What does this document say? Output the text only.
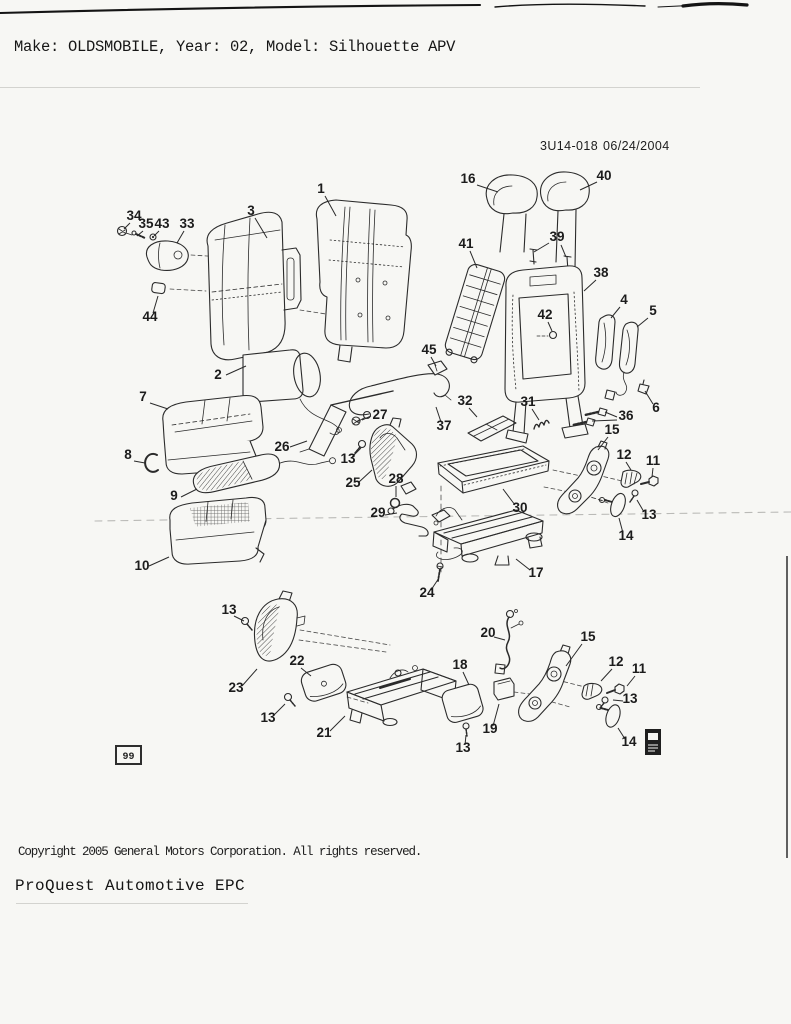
Make: OLDSMOBILE, Year: 02, Model: Silhouette APV
3U14-018 06/24/2004
99
16	40
1
3
34
35 43 33
44
2
41	39
38
42
4
5
6
45
37
27
26
13
25
32	31
36
15
12 11
7
8
9
28
29	30	13
14
10	17
24
13
23
22
13
21
18
13
20
19
15
12 11
13
14
Copyright 2005 General Motors Corporation. All rights reserved.
ProQuest Automotive EPC
